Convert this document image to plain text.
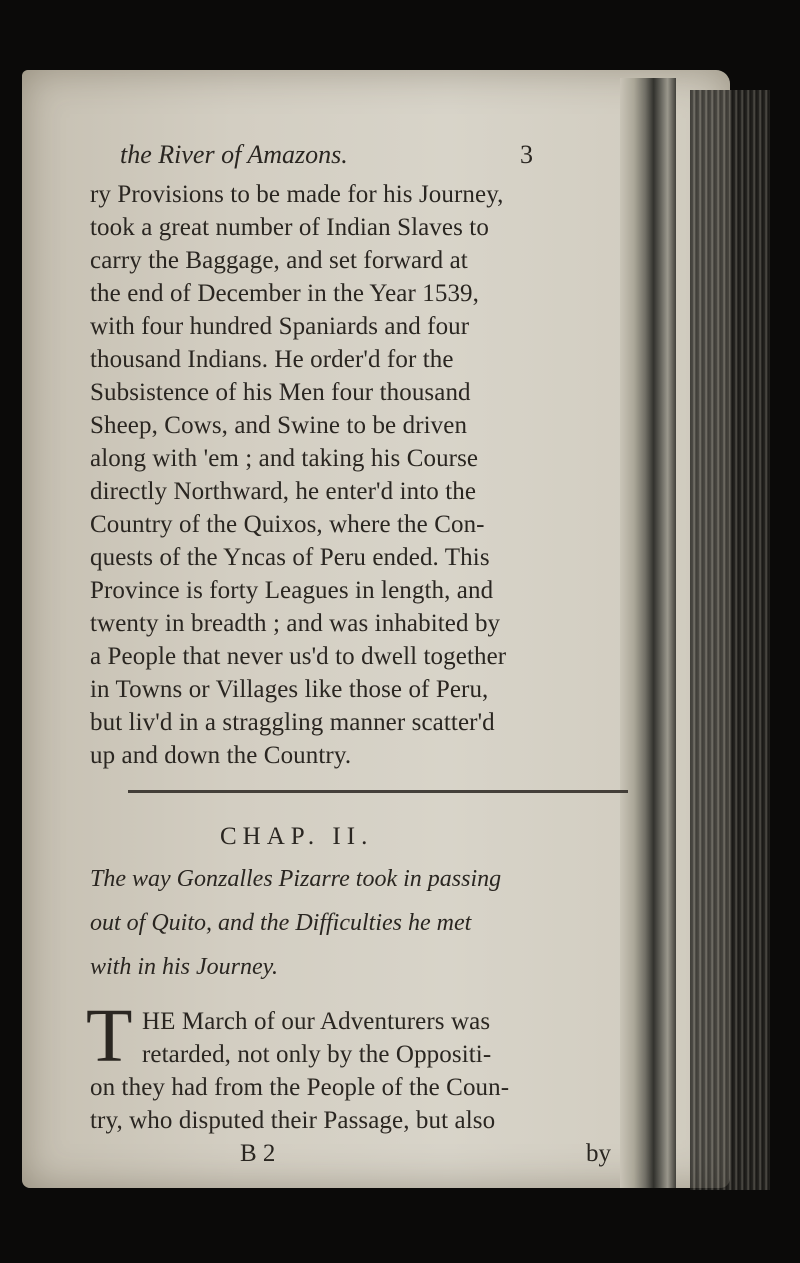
the River of Amazons.	3
ry Provisions to be made for his Journey,
took a great number of Indian Slaves to
carry the Baggage, and set forward at
the end of December in the Year 1539,
with four hundred Spaniards and four
thousand Indians. He order'd for the
Subsistence of his Men four thousand
Sheep, Cows, and Swine to be driven
along with 'em ; and taking his Course
directly Northward, he enter'd into the
Country of the Quixos, where the Con-
quests of the Yncas of Peru ended. This
Province is forty Leagues in length, and
twenty in breadth ; and was inhabited by
a People that never us'd to dwell together
in Towns or Villages like those of Peru,
but liv'd in a straggling manner scatter'd
up and down the Country.
CHAP. II.
The way Gonzalles Pizarre took in passing
out of Quito, and the Difficulties he met
with in his Journey.
T HE March of our Adventurers was
retarded, not only by the Oppositi-
on they had from the People of the Coun-
try, who disputed their Passage, but also
B 2	by
